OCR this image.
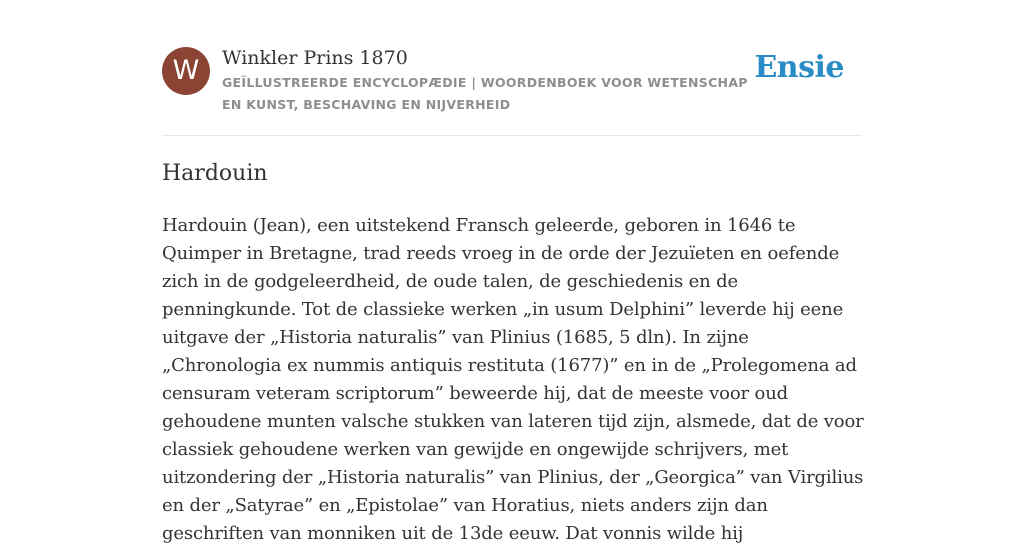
W	Winkler Prins 1870
GEÏLLUSTREERDE ENCYCLOPÆDIE | WOORDENBOEK VOOR WETENSCHAP EN KUNST, BESCHAVING EN NIJVERHEID
Ensie
Hardouin

Hardouin (Jean), een uitstekend Fransch geleerde, geboren in 1646 te Quimper in Bretagne, trad reeds vroeg in de orde der Jezuïeten en oefende zich in de godgeleerdheid, de oude talen, de geschiedenis en de penningkunde. Tot de classieke werken „in usum Delphini” leverde hij eene uitgave der „Historia naturalis” van Plinius (1685, 5 dln). In zijne „Chronologia ex nummis antiquis restituta (1677)” en in de „Prolegomena ad censuram veteram scriptorum” beweerde hij, dat de meeste voor oud gehoudene munten valsche stukken van lateren tijd zijn, alsmede, dat de voor classiek gehoudene werken van gewijde en ongewijde schrijvers, met uitzondering der „Historia naturalis” van Plinius, der „Georgica” van Virgilius en der „Satyrae” en „Epistolae” van Horatius, niets anders zijn dan geschriften van monniken uit de 13de eeuw. Dat vonnis wilde hij
